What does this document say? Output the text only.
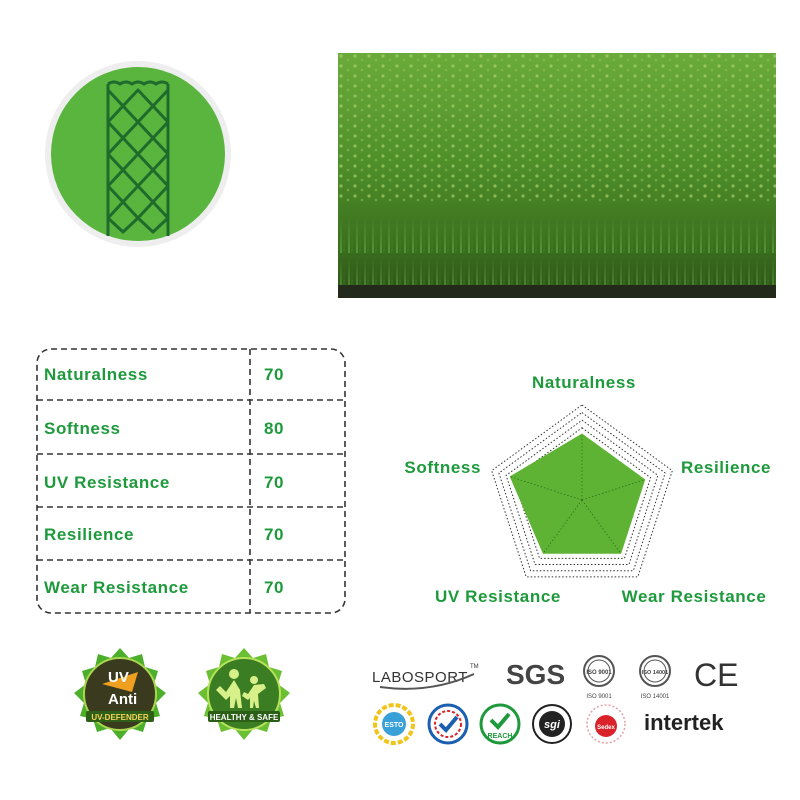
Naturalness	70
Softness	80
UV Resistance	70
Resilience	70
Wear Resistance	70
Naturalness
Resilience
Wear Resistance
UV Resistance
Softness
UV
Anti
UV-DEFENDER	HEALTHY & SAFE
LABOSPORT
TM SGS	ISO 9001
ISO 9001
ISO 14001
ISO 14001
CE
ESTO
REACH
sgi	Sedex intertek
